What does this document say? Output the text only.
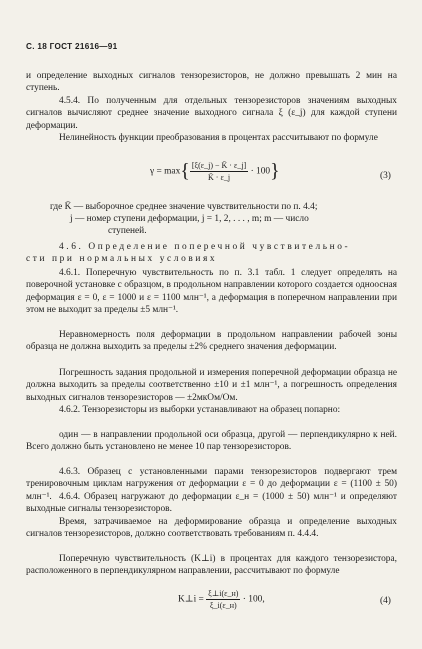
С. 18 ГОСТ 21616—91
и определение выходных сигналов тензорезисторов, не должно превышать 2 мин на ступень.
4.5.4. По полученным для отдельных тензорезисторов значениям выходных сигналов вычисляют среднее значение выходного сигнала ξ (ε_j) для каждой ступени деформации.
Нелинейность функции преобразования в процентах рассчитывают по формуле
$\gamma = \max\{ \frac{[\xi(\varepsilon\_j) - K̄ \cdot \varepsilon\_j]}{K̄ \cdot \varepsilon\_j} \cdot 100\}$	(3)
где K̄ — выборочное среднее значение чувствительности по п. 4.4;
j — номер ступени деформации, j = 1, 2, . . . , m; m — число
ступеней.
4.6. Определение поперечной чувствительно-
сти при нормальных условиях
4.6.1. Поперечную чувствительность по п. 3.1 табл. 1 следует определять на поверочной установке с образцом, в продольном направлении которого создается одноосная деформация ε = 0, ε = 1000 и ε = 1100 млн⁻¹, а деформация в поперечном направлении при этом не выходит за пределы ±5 млн⁻¹.
Неравномерность поля деформации в продольном направлении рабочей зоны образца не должна выходить за пределы ±2% среднего значения деформации.
Погрешность задания продольной и измерения поперечной деформации образца не должна выходить за пределы соответственно ±10 и ±1 млн⁻¹, а погрешность определения выходных сигналов тензорезисторов — ±2мкОм/Ом.
4.6.2. Тензорезисторы из выборки устанавливают на образец попарно:
один — в направлении продольной оси образца, другой — перпендикулярно к ней. Всего должно быть установлено не менее 10 пар тензорезисторов.
4.6.3. Образец с установленными парами тензорезисторов подвергают трем тренировочным циклам нагружения от деформации ε = 0 до деформации ε = (1100 ± 50) млн⁻¹. 4.6.4. Образец нагружают до деформации ε_н = (1000 ± 50) млн⁻¹ и определяют выходные сигналы тензорезисторов.
Время, затрачиваемое на деформирование образца и определение выходных сигналов тензорезисторов, должно соответствовать требованиям п. 4.4.4.
Поперечную чувствительность (K⊥i) в процентах для каждого тензорезистора, расположенного в перпендикулярном направлении, рассчитывают по формуле
K⊥i = $\frac{\xi\perp i(\varepsilon\_н)}{\xi\_i(\varepsilon\_н)} \cdot 100$,	(4)
